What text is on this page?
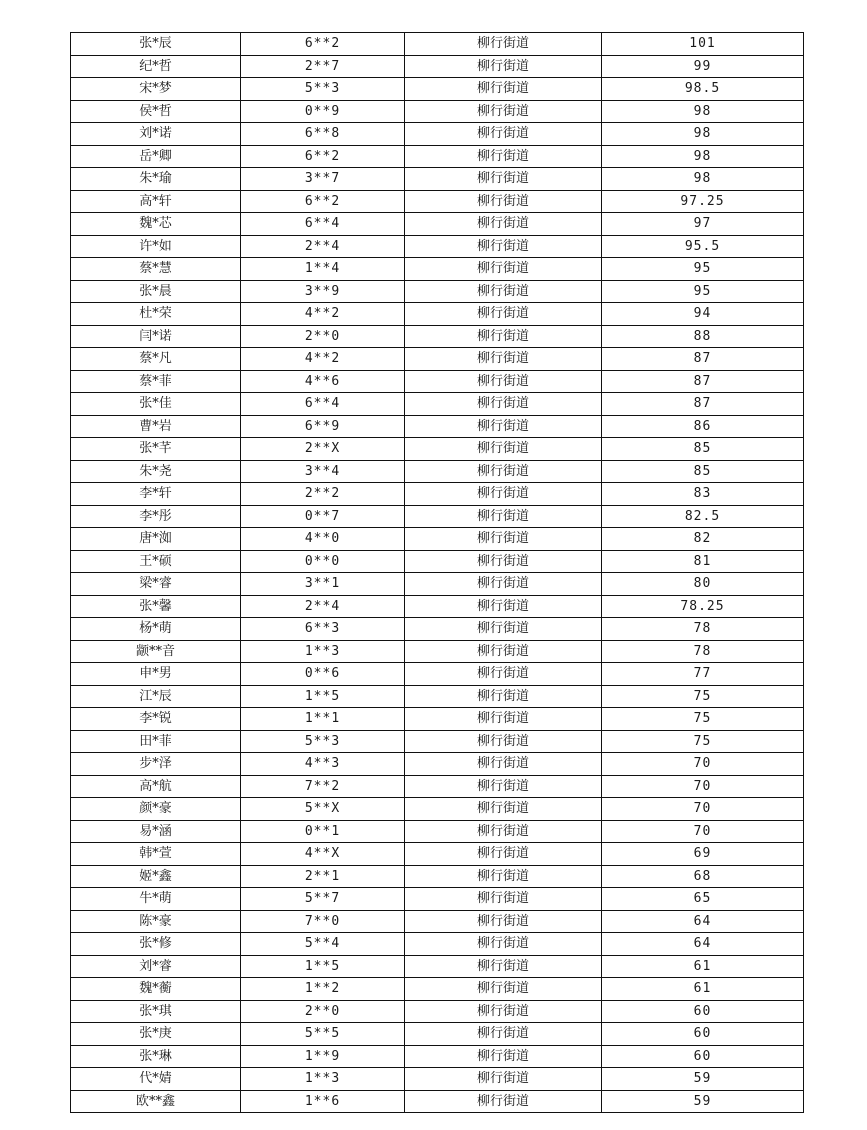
张*辰	6**2	柳行街道	101
纪*哲	2**7	柳行街道	99
宋*梦	5**3	柳行街道	98.5
侯*哲	0**9	柳行街道	98
刘*诺	6**8	柳行街道	98
岳*卿	6**2	柳行街道	98
朱*瑜	3**7	柳行街道	98
高*轩	6**2	柳行街道	97.25
魏*芯	6**4	柳行街道	97
许*如	2**4	柳行街道	95.5
蔡*慧	1**4	柳行街道	95
张*晨	3**9	柳行街道	95
杜*荣	4**2	柳行街道	94
闫*诺	2**0	柳行街道	88
蔡*凡	4**2	柳行街道	87
蔡*菲	4**6	柳行街道	87
张*佳	6**4	柳行街道	87
曹*岩	6**9	柳行街道	86
张*芊	2**X	柳行街道	85
朱*尧	3**4	柳行街道	85
李*轩	2**2	柳行街道	83
李*彤	0**7	柳行街道	82.5
唐*洳	4**0	柳行街道	82
王*硕	0**0	柳行街道	81
梁*睿	3**1	柳行街道	80
张*馨	2**4	柳行街道	78.25
杨*萌	6**3	柳行街道	78
颛**音	1**3	柳行街道	78
申*男	0**6	柳行街道	77
江*辰	1**5	柳行街道	75
李*锐	1**1	柳行街道	75
田*菲	5**3	柳行街道	75
步*泽	4**3	柳行街道	70
高*航	7**2	柳行街道	70
颜*豪	5**X	柳行街道	70
易*涵	0**1	柳行街道	70
韩*萱	4**X	柳行街道	69
姬*鑫	2**1	柳行街道	68
牛*萌	5**7	柳行街道	65
陈*豪	7**0	柳行街道	64
张*修	5**4	柳行街道	64
刘*睿	1**5	柳行街道	61
魏*蘅	1**2	柳行街道	61
张*琪	2**0	柳行街道	60
张*庚	5**5	柳行街道	60
张*琳	1**9	柳行街道	60
代*婧	1**3	柳行街道	59
欧**鑫	1**6	柳行街道	59
